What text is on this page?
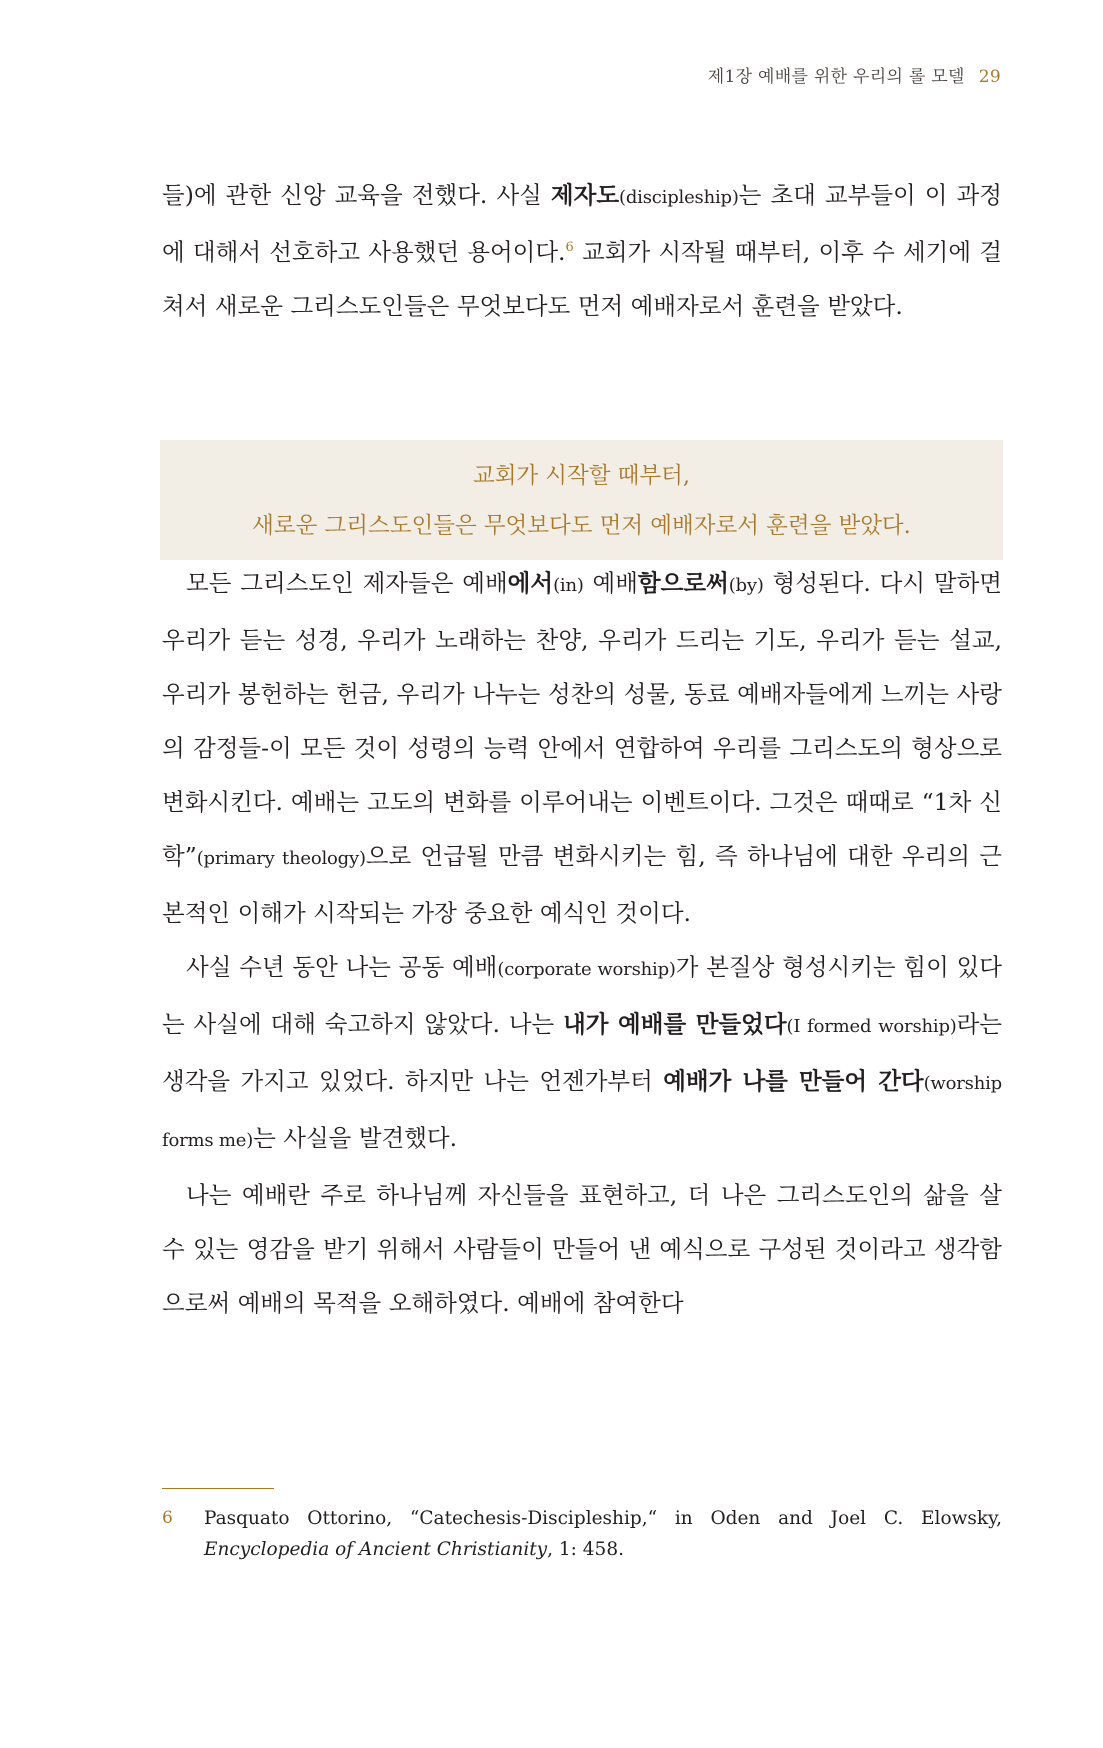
제1장 예배를 위한 우리의 롤 모델 29

들)에 관한 신앙 교육을 전했다. 사실 제자도(discipleship)는 초대 교부들이 이 과정에 대해서 선호하고 사용했던 용어이다.$^6$ 교회가 시작될 때부터, 이후 수 세기에 걸쳐서 새로운 그리스도인들은 무엇보다도 먼저 예배자로서 훈련을 받았다.

교회가 시작할 때부터,
새로운 그리스도인들은 무엇보다도 먼저 예배자로서 훈련을 받았다.

모든 그리스도인 제자들은 예배에서(in) 예배함으로써(by) 형성된다. 다시 말하면 우리가 듣는 성경, 우리가 노래하는 찬양, 우리가 드리는 기도, 우리가 듣는 설교, 우리가 봉헌하는 헌금, 우리가 나누는 성찬의 성물, 동료 예배자들에게 느끼는 사랑의 감정들-이 모든 것이 성령의 능력 안에서 연합하여 우리를 그리스도의 형상으로 변화시킨다. 예배는 고도의 변화를 이루어내는 이벤트이다. 그것은 때때로 “1차 신학”(primary theology)으로 언급될 만큼 변화시키는 힘, 즉 하나님에 대한 우리의 근본적인 이해가 시작되는 가장 중요한 예식인 것이다.

사실 수년 동안 나는 공동 예배(corporate worship)가 본질상 형성시키는 힘이 있다는 사실에 대해 숙고하지 않았다. 나는 내가 예배를 만들었다(I formed worship)라는 생각을 가지고 있었다. 하지만 나는 언젠가부터 예배가 나를 만들어 간다(worship forms me)는 사실을 발견했다.

나는 예배란 주로 하나님께 자신들을 표현하고, 더 나은 그리스도인의 삶을 살 수 있는 영감을 받기 위해서 사람들이 만들어 낸 예식으로 구성된 것이라고 생각함으로써 예배의 목적을 오해하였다. 예배에 참여한다

6 Pasquato Ottorino, “Catechesis-Discipleship,“ in Oden and Joel C. Elowsky, Encyclopedia of Ancient Christianity, 1: 458.
